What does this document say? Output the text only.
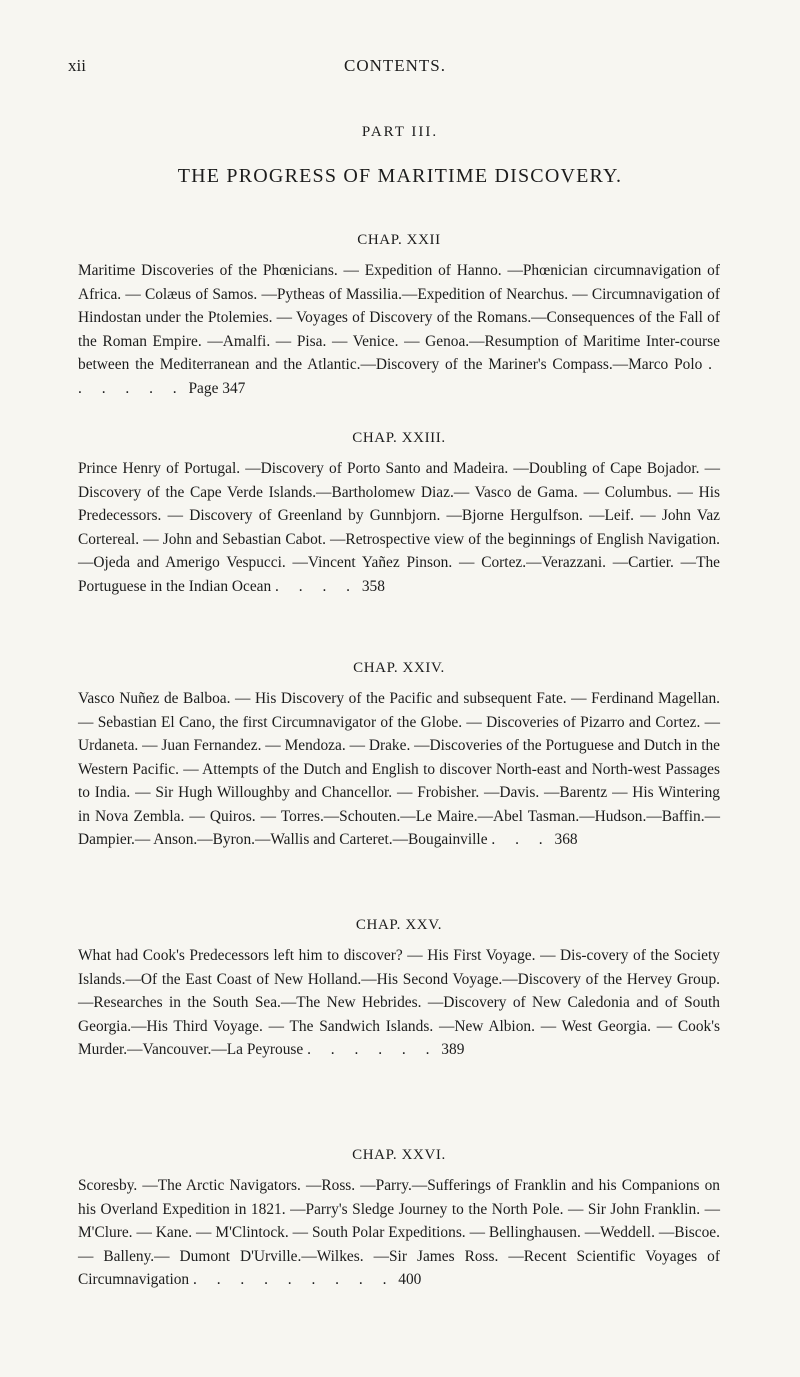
xii	CONTENTS.
PART III.
THE PROGRESS OF MARITIME DISCOVERY.
CHAP. XXII
Maritime Discoveries of the Phœnicians. — Expedition of Hanno. —Phœnician circumnavigation of Africa. — Colæus of Samos. —Pytheas of Massilia.—Expedition of Nearchus. — Circumnavigation of Hindostan under the Ptolemies. — Voyages of Discovery of the Romans.—Consequences of the Fall of the Roman Empire. —Amalfi. — Pisa. — Venice. — Genoa.—Resumption of Maritime Inter-course between the Mediterranean and the Atlantic.—Discovery of the Mariner's Compass.—Marco Polo . . . . . . Page 347
CHAP. XXIII.
Prince Henry of Portugal. —Discovery of Porto Santo and Madeira. —Doubling of Cape Bojador. —Discovery of the Cape Verde Islands.—Bartholomew Diaz.— Vasco de Gama. — Columbus. — His Predecessors. — Discovery of Greenland by Gunnbjorn. —Bjorne Hergulfson. —Leif. — John Vaz Cortereal. — John and Sebastian Cabot. —Retrospective view of the beginnings of English Navigation. —Ojeda and Amerigo Vespucci. —Vincent Yañez Pinson. — Cortez.—Verazzani. —Cartier. —The Portuguese in the Indian Ocean . . . . 358
CHAP. XXIV.
Vasco Nuñez de Balboa. — His Discovery of the Pacific and subsequent Fate. — Ferdinand Magellan. — Sebastian El Cano, the first Circumnavigator of the Globe. — Discoveries of Pizarro and Cortez. — Urdaneta. — Juan Fernandez. — Mendoza. — Drake. —Discoveries of the Portuguese and Dutch in the Western Pacific. — Attempts of the Dutch and English to discover North-east and North-west Passages to India. — Sir Hugh Willoughby and Chancellor. — Frobisher. —Davis. —Barentz — His Wintering in Nova Zembla. — Quiros. — Torres.—Schouten.—Le Maire.—Abel Tasman.—Hudson.—Baffin.—Dampier.— Anson.—Byron.—Wallis and Carteret.—Bougainville . . . 368
CHAP. XXV.
What had Cook's Predecessors left him to discover? — His First Voyage. — Dis-covery of the Society Islands.—Of the East Coast of New Holland.—His Second Voyage.—Discovery of the Hervey Group.—Researches in the South Sea.—The New Hebrides. —Discovery of New Caledonia and of South Georgia.—His Third Voyage. — The Sandwich Islands. —New Albion. — West Georgia. — Cook's Murder.—Vancouver.—La Peyrouse . . . . . . 389
CHAP. XXVI.
Scoresby. —The Arctic Navigators. —Ross. —Parry.—Sufferings of Franklin and his Companions on his Overland Expedition in 1821. —Parry's Sledge Journey to the North Pole. — Sir John Franklin. — M'Clure. — Kane. — M'Clintock. — South Polar Expeditions. — Bellinghausen. —Weddell. —Biscoe. — Balleny.— Dumont D'Urville.—Wilkes. —Sir James Ross. —Recent Scientific Voyages of Circumnavigation . . . . . . . . . 400
